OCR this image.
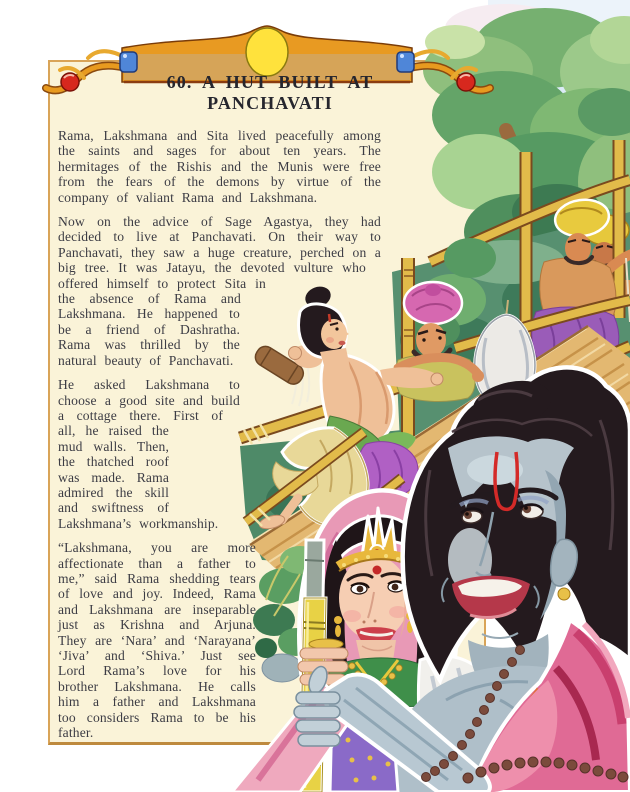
60. A HUT BUILT AT PANCHAVATI

Rama, Lakshmana and Sita lived peacefully among the saints and sages for about ten years. The hermitages of the Rishis and the Munis were free from the fears of the demons by virtue of the company of valiant Rama and Lakshmana.

Now on the advice of Sage Agastya, they had decided to live at Panchavati. On their way to Panchavati, they saw a huge creature, perched on a big tree. It was Jatayu, the devoted vulture who offered himself to protect Sita in the absence of Rama and Lakshmana. He happened to be a friend of Dashratha. Rama was thrilled by the natural beauty of Panchavati.

He asked Lakshmana to choose a good site and build a cottage there. First of all, he raised the mud walls. Then, the thatched roof was made. Rama admired the skill and swiftness of Lakshmana’s workmanship.

“Lakshmana, you are more affectionate than a father to me,” said Rama shedding tears of love and joy. Indeed, Rama and Lakshmana are inseparable just as Krishna and Arjuna. They are ‘Nara’ and ‘Narayana’ ‘Jiva’ and ‘Shiva.’ Just see Lord Rama’s love for his brother Lakshmana. He calls him a father and Lakshmana too considers Rama to be his father.
